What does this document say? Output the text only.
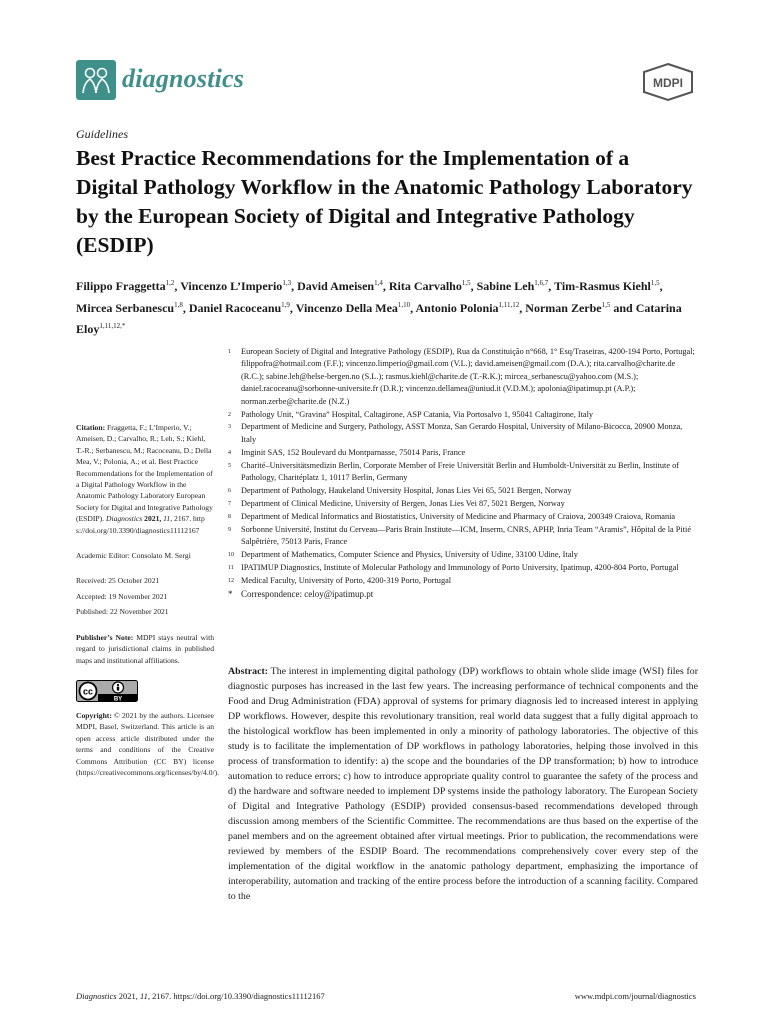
diagnostics	MDPI
Guidelines
Best Practice Recommendations for the Implementation of a Digital Pathology Workflow in the Anatomic Pathology Laboratory by the European Society of Digital and Integrative Pathology (ESDIP)
Filippo Fraggetta$^{1,2}$, Vincenzo L’Imperio$^{1,3}$, David Ameisen$^{1,4}$, Rita Carvalho$^{1,5}$, Sabine Leh$^{1,6,7}$, Tim-Rasmus Kiehl$^{1,5}$, Mircea Serbanescu$^{1,8}$, Daniel Racoceanu$^{1,9}$, Vincenzo Della Mea$^{1,10}$, Antonio Polonia$^{1,11,12}$, Norman Zerbe$^{1,5}$ and Catarina Eloy$^{1,11,12,*}$
1 European Society of Digital and Integrative Pathology (ESDIP), Rua da Constituição n°668, 1° Esq/Traseiras, 4200-194 Porto, Portugal; filippofra@hotmail.com (F.F.); vincenzo.limperio@gmail.com (V.L.); david.ameisen@gmail.com (D.A.); rita.carvalho@charite.de (R.C.); sabine.leh@helse-bergen.no (S.L.); rasmus.kiehl@charite.de (T.-R.K.); mircea_serbanescu@yahoo.com (M.S.); daniel.racoceanu@sorbonne-universite.fr (D.R.); vincenzo.dellamea@uniud.it (V.D.M.); apolonia@ipatimup.pt (A.P.); norman.zerbe@charite.de (N.Z.)
2 Pathology Unit, “Gravina” Hospital, Caltagirone, ASP Catania, Via Portosalvo 1, 95041 Caltagirone, Italy
3 Department of Medicine and Surgery, Pathology, ASST Monza, San Gerardo Hospital, University of Milano-Bicocca, 20900 Monza, Italy
4 Imginit SAS, 152 Boulevard du Montparnasse, 75014 Paris, France
5 Charité–Universitätsmedizin Berlin, Corporate Member of Freie Universität Berlin and Humboldt-Universität zu Berlin, Institute of Pathology, Charitéplatz 1, 10117 Berlin, Germany
6 Department of Pathology, Haukeland University Hospital, Jonas Lies Vei 65, 5021 Bergen, Norway
7 Department of Clinical Medicine, University of Bergen, Jonas Lies Vei 87, 5021 Bergen, Norway
8 Department of Medical Informatics and Biostatistics, University of Medicine and Pharmacy of Craiova, 200349 Craiova, Romania
9 Sorbonne Université, Institut du Cerveau—Paris Brain Institute—ICM, Inserm, CNRS, APHP, Inria Team “Aramis”, Hôpital de la Pitié Salpêtrière, 75013 Paris, France
10 Department of Mathematics, Computer Science and Physics, University of Udine, 33100 Udine, Italy
11 IPATIMUP Diagnostics, Institute of Molecular Pathology and Immunology of Porto University, Ipatimup, 4200-804 Porto, Portugal
12 Medical Faculty, University of Porto, 4200-319 Porto, Portugal
* Correspondence: celoy@ipatimup.pt
Citation: Fraggetta, F.; L’Imperio, V.; Ameisen, D.; Carvalho, R.; Leh, S.; Kiehl, T.-R.; Serbanescu, M.; Racoceanu, D.; Della Mea, V.; Polonia, A.; et al. Best Practice Recommendations for the Implementation of a Digital Pathology Workflow in the Anatomic Pathology Laboratory European Society for Digital and Integrative Pathology (ESDIP). Diagnostics 2021, 11, 2167. https://doi.org/10.3390/diagnostics11112167
Academic Editor: Consolato M. Sergi
Received: 25 October 2021
Accepted: 19 November 2021
Published: 22 November 2021
Publisher’s Note: MDPI stays neutral with regard to jurisdictional claims in published maps and institutional affiliations.
cc
BY
Copyright: © 2021 by the authors. Licensee MDPI, Basel, Switzerland. This article is an open access article distributed under the terms and conditions of the Creative Commons Attribution (CC BY) license (https://creativecommons.org/licenses/by/4.0/).
Abstract: The interest in implementing digital pathology (DP) workflows to obtain whole slide image (WSI) files for diagnostic purposes has increased in the last few years. The increasing performance of technical components and the Food and Drug Administration (FDA) approval of systems for primary diagnosis led to increased interest in applying DP workflows. However, despite this revolutionary transition, real world data suggest that a fully digital approach to the histological workflow has been implemented in only a minority of pathology laboratories. The objective of this study is to facilitate the implementation of DP workflows in pathology laboratories, helping those involved in this process of transformation to identify: a) the scope and the boundaries of the DP transformation; b) how to introduce automation to reduce errors; c) how to introduce appropriate quality control to guarantee the safety of the process and d) the hardware and software needed to implement DP systems inside the pathology laboratory. The European Society of Digital and Integrative Pathology (ESDIP) provided consensus-based recommendations developed through discussion among members of the Scientific Committee. The recommendations are thus based on the expertise of the panel members and on the agreement obtained after virtual meetings. Prior to publication, the recommendations were reviewed by members of the ESDIP Board. The recommendations comprehensively cover every step of the implementation of the digital workflow in the anatomic pathology department, emphasizing the importance of interoperability, automation and tracking of the entire process before the introduction of a scanning facility. Compared to the
Diagnostics 2021, 11, 2167. https://doi.org/10.3390/diagnostics11112167	www.mdpi.com/journal/diagnostics
